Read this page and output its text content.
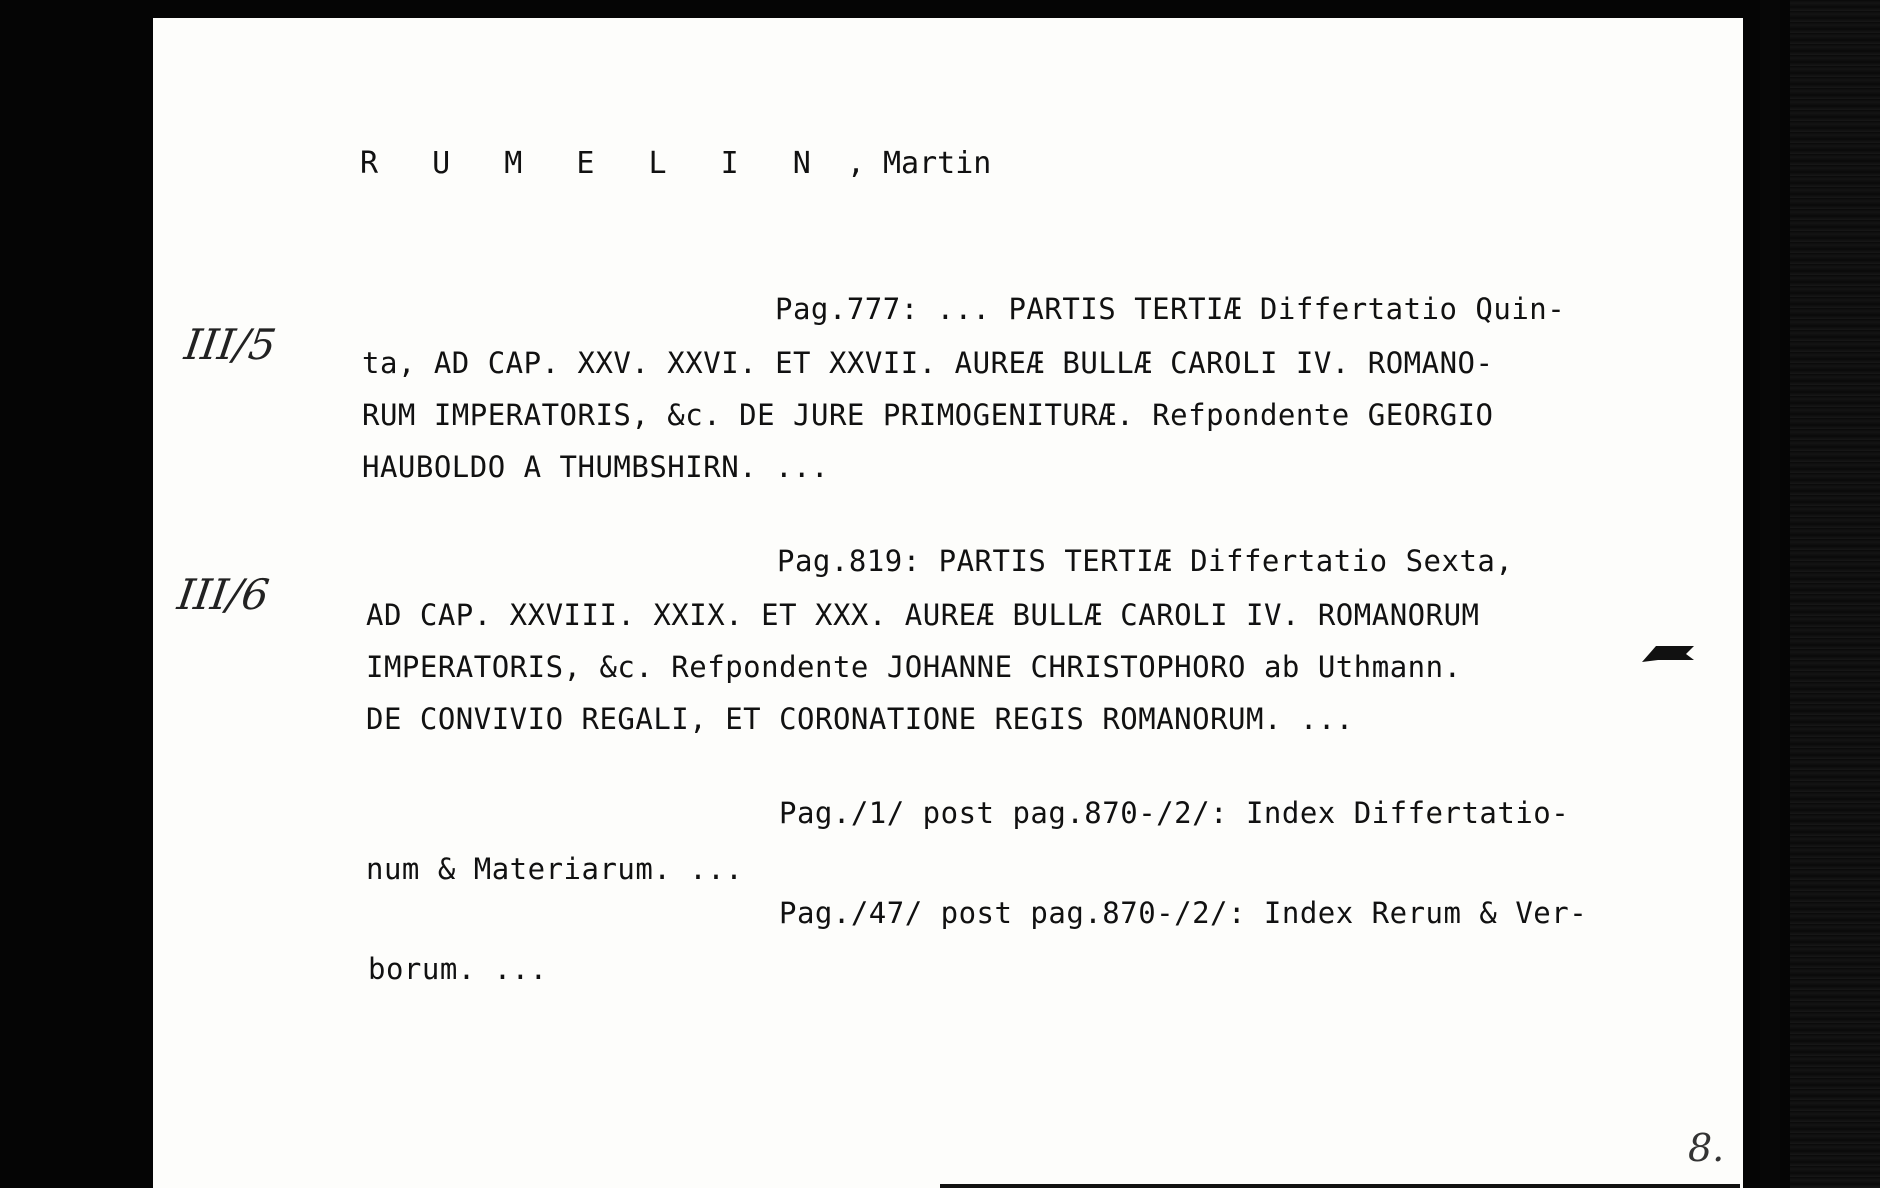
R U M E L I N , Martin
III/5
III/6
Pag.777: ... PARTIS TERTIÆ Differtatio Quin-
ta, AD CAP. XXV. XXVI. ET XXVII. AUREÆ BULLÆ CAROLI IV. ROMANO-
RUM IMPERATORIS, &c. DE JURE PRIMOGENITURÆ. Refpondente GEORGIO
HAUBOLDO A THUMBSHIRN. ...
Pag.819: PARTIS TERTIÆ Differtatio Sexta,
AD CAP. XXVIII. XXIX. ET XXX. AUREÆ BULLÆ CAROLI IV. ROMANORUM
IMPERATORIS, &c. Refpondente JOHANNE CHRISTOPHORO ab Uthmann.
DE CONVIVIO REGALI, ET CORONATIONE REGIS ROMANORUM. ...
Pag./1/ post pag.870-/2/: Index Differtatio-
num & Materiarum. ...
Pag./47/ post pag.870-/2/: Index Rerum & Ver-
borum. ...
8.
